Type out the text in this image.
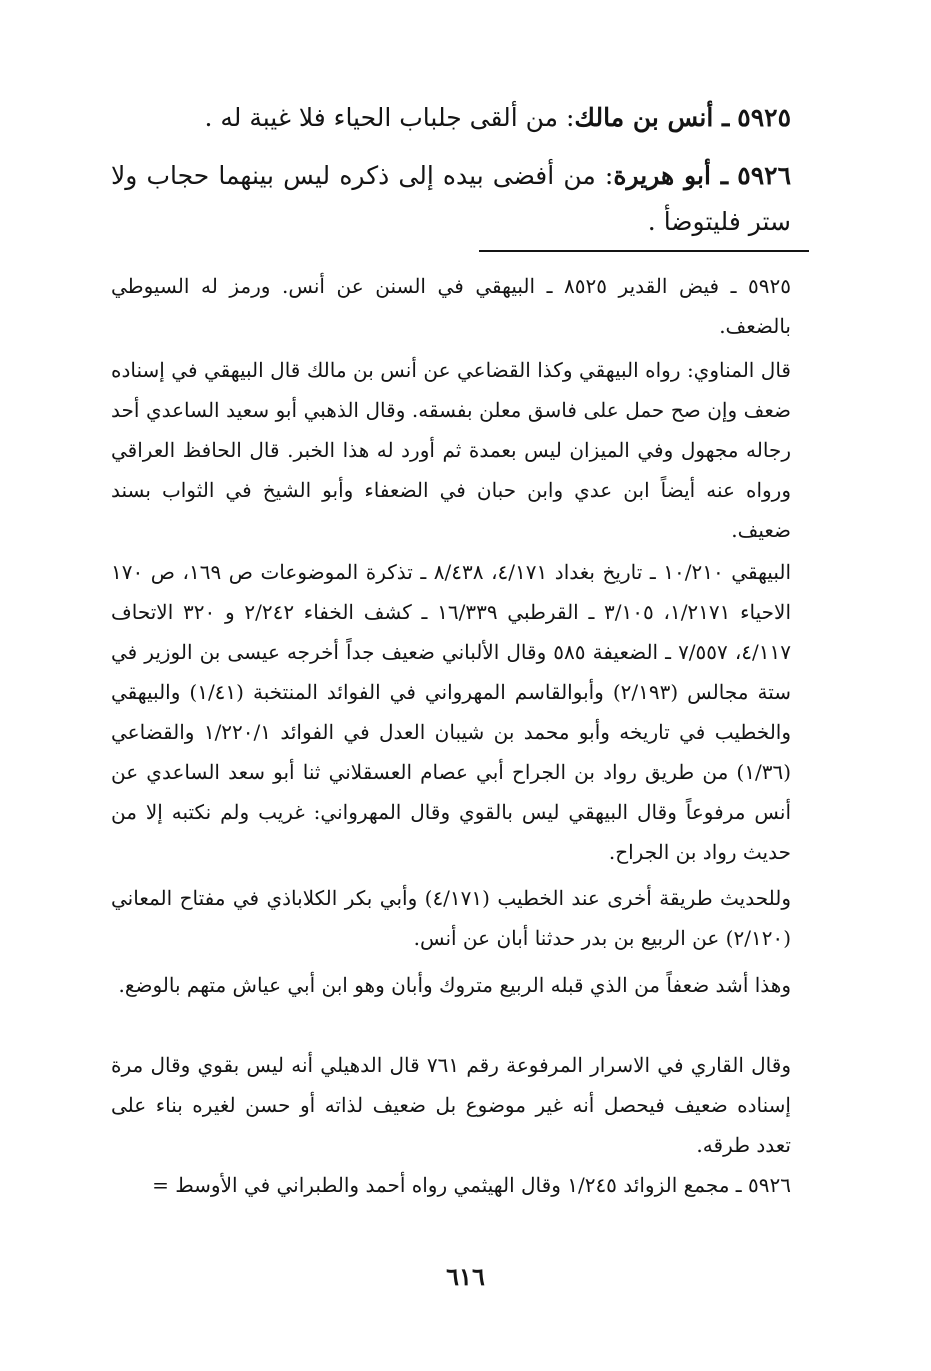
٥٩٢٥ ـ أنس بن مالك: من ألقى جلباب الحياء فلا غيبة له .
٥٩٢٦ ـ أبو هريرة: من أفضى بيده إلى ذكره ليس بينهما حجاب ولا ستر فليتوضأ .
٥٩٢٥ ـ فيض القدير ٨٥٢٥ ـ البيهقي في السنن عن أنس. ورمز له السيوطي بالضعف.
قال المناوي: رواه البيهقي وكذا القضاعي عن أنس بن مالك قال البيهقي في إسناده ضعف وإن صح حمل على فاسق معلن بفسقه. وقال الذهبي أبو سعيد الساعدي أحد رجاله مجهول وفي الميزان ليس بعمدة ثم أورد له هذا الخبر. قال الحافظ العراقي ورواه عنه أيضاً ابن عدي وابن حبان في الضعفاء وأبو الشيخ في الثواب بسند ضعيف.
البيهقي ١٠/٢١٠ ـ تاريخ بغداد ٤/١٧١، ٨/٤٣٨ ـ تذكرة الموضوعات ص ١٦٩، ص ١٧٠ الاحياء ١/٢١٧١، ٣/١٠٥ ـ القرطبي ١٦/٣٣٩ ـ كشف الخفاء ٢/٢٤٢ و ٣٢٠ الاتحاف ٤/١١٧، ٧/٥٥٧ ـ الضعيفة ٥٨٥ وقال الألباني ضعيف جداً أخرجه عيسى بن الوزير في ستة مجالس (٢/١٩٣) وأبوالقاسم المهرواني في الفوائد المنتخبة (١/٤١) والبيهقي والخطيب في تاريخه وأبو محمد بن شيبان العدل في الفوائد ١/٢٢٠/١ والقضاعي (١/٣٦) من طريق رواد بن الجراح أبي عصام العسقلاني ثنا أبو سعد الساعدي عن أنس مرفوعاً وقال البيهقي ليس بالقوي وقال المهرواني: غريب ولم نكتبه إلا من حديث رواد بن الجراح.
وللحديث طريقة أخرى عند الخطيب (٤/١٧١) وأبي بكر الكلاباذي في مفتاح المعاني (٢/١٢٠) عن الربيع بن بدر حدثنا أبان عن أنس.
وهذا أشد ضعفاً من الذي قبله الربيع متروك وأبان وهو ابن أبي عياش متهم بالوضع.
وقال القاري في الاسرار المرفوعة رقم ٧٦١ قال الدهيلي أنه ليس بقوي وقال مرة إسناده ضعيف فيحصل أنه غير موضوع بل ضعيف لذاته أو حسن لغيره بناء على تعدد طرقه.
٥٩٢٦ ـ مجمع الزوائد ١/٢٤٥ وقال الهيثمي رواه أحمد والطبراني في الأوسط =
٦١٦
